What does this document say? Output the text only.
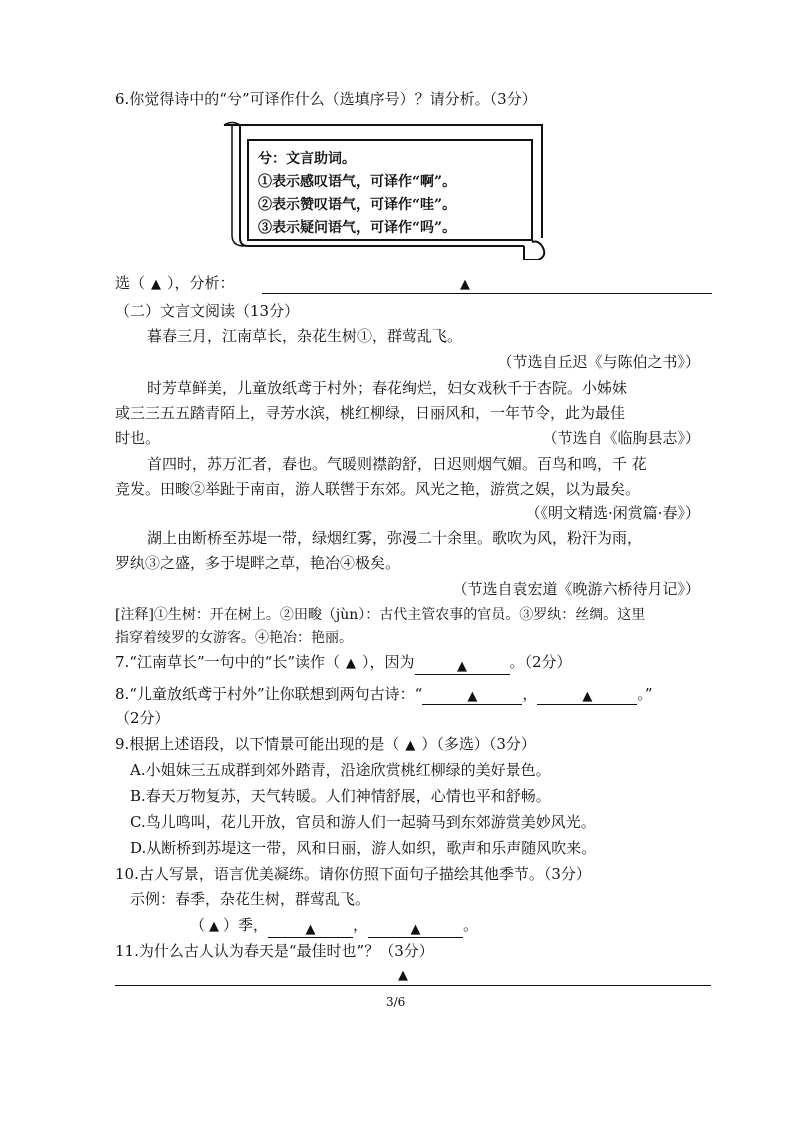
6.你觉得诗中的“兮”可译作什么（选填序号）？请分析。（3分）
兮：文言助词。
①表示感叹语气，可译作“啊”。
②表示赞叹语气，可译作“哇”。
③表示疑问语气，可译作“吗”。
选（ ▲ ），分析：	▲
（二）文言文阅读（13分）
暮春三月，江南草长，杂花生树①，群莺乱飞。
（节选自丘迟《与陈伯之书》）
时芳草鲜美，儿童放纸鸢于村外；春花绚烂，妇女戏秋千于杏院。小姊妹
或三三五五踏青陌上，寻芳水滨，桃红柳绿，日丽风和，一年节令，此为最佳
时也。	（节选自《临朐县志》）
首四时，苏万汇者，春也。气暖则襟韵舒，日迟则烟气媚。百鸟和鸣，千 花
竞发。田畯②举趾于南亩，游人联辔于东郊。风光之艳，游赏之娱，以为最矣。
（《明文精选·闲赏篇·春》）
湖上由断桥至苏堤一带，绿烟红雾，弥漫二十余里。歌吹为风，粉汗为雨，
罗纨③之盛，多于堤畔之草，艳冶④极矣。
（节选自袁宏道《晚游六桥待月记》）
[注释]①生树：开在树上。②田畯（jùn）：古代主管农事的官员。③罗纨：丝绸。这里
指穿着绫罗的女游客。④艳冶：艳丽。
7.“江南草长”一句中的“长”读作（ ▲ ），因为	▲	。（2分）
8.“儿童放纸鸢于村外”让你联想到两句古诗：“	▲	，	▲	。”
（2分）
9.根据上述语段，以下情景可能出现的是（ ▲ ）（多选）（3分）
A.小姐妹三五成群到郊外踏青，沿途欣赏桃红柳绿的美好景色。
B.春天万物复苏，天气转暖。人们神情舒展，心情也平和舒畅。
C.鸟儿鸣叫，花儿开放，官员和游人们一起骑马到东郊游赏美妙风光。
D.从断桥到苏堤这一带，风和日丽，游人如织，歌声和乐声随风吹来。
10.古人写景，语言优美凝练。请你仿照下面句子描绘其他季节。（3分）
示例：春季，杂花生树，群莺乱飞。
（ ▲ ）季，	▲	，	▲	。
11.为什么古人认为春天是“最佳时也”？（3分）
▲
3/6
